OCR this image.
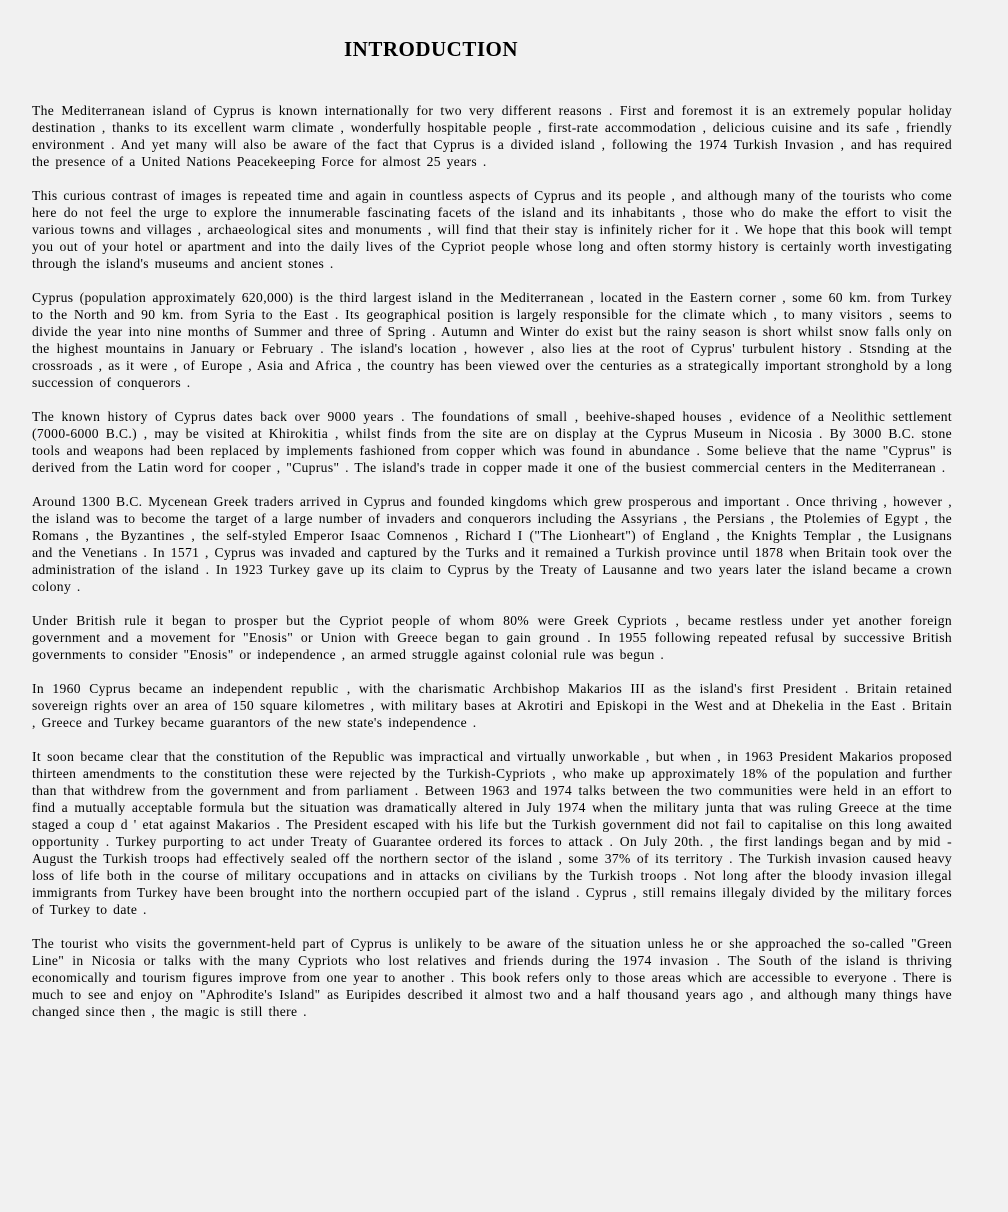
INTRODUCTION

The Mediterranean island of Cyprus is known internationally for two very different reasons . First and foremost it is an extremely popular holiday destination , thanks to its excellent warm climate , wonderfully hospitable people , first-rate accommodation , delicious cuisine and its safe , friendly environment . And yet many will also be aware of the fact that Cyprus is a divided island , following the 1974 Turkish Invasion , and has required the presence of a United Nations Peacekeeping Force for almost 25 years .

This curious contrast of images is repeated time and again in countless aspects of Cyprus and its people , and although many of the tourists who come here do not feel the urge to explore the innumerable fascinating facets of the island and its inhabitants , those who do make the effort to visit the various towns and villages , archaeological sites and monuments , will find that their stay is infinitely richer for it . We hope that this book will tempt you out of your hotel or apartment and into the daily lives of the Cypriot people whose long and often stormy history is certainly worth investigating through the island's museums and ancient stones .

Cyprus (population approximately 620,000) is the third largest island in the Mediterranean , located in the Eastern corner , some 60 km. from Turkey to the North and 90 km. from Syria to the East . Its geographical position is largely responsible for the climate which , to many visitors , seems to divide the year into nine months of Summer and three of Spring . Autumn and Winter do exist but the rainy season is short whilst snow falls only on the highest mountains in January or February . The island's location , however , also lies at the root of Cyprus' turbulent history . Stsnding at the crossroads , as it were , of Europe , Asia and Africa , the country has been viewed over the centuries as a strategically important stronghold by a long succession of conquerors .

The known history of Cyprus dates back over 9000 years . The foundations of small , beehive-shaped houses , evidence of a Neolithic settlement (7000-6000 B.C.) , may be visited at Khirokitia , whilst finds from the site are on display at the Cyprus Museum in Nicosia . By 3000 B.C. stone tools and weapons had been replaced by implements fashioned from copper which was found in abundance . Some believe that the name "Cyprus" is derived from the Latin word for cooper , "Cuprus" . The island's trade in copper made it one of the busiest commercial centers in the Mediterranean .

Around 1300 B.C. Mycenean Greek traders arrived in Cyprus and founded kingdoms which grew prosperous and important . Once thriving , however , the island was to become the target of a large number of invaders and conquerors including the Assyrians , the Persians , the Ptolemies of Egypt , the Romans , the Byzantines , the self-styled Emperor Isaac Comnenos , Richard I ("The Lionheart") of England , the Knights Templar , the Lusignans and the Venetians . In 1571 , Cyprus was invaded and captured by the Turks and it remained a Turkish province until 1878 when Britain took over the administration of the island . In 1923 Turkey gave up its claim to Cyprus by the Treaty of Lausanne and two years later the island became a crown colony .

Under British rule it began to prosper but the Cypriot people of whom 80% were Greek Cypriots , became restless under yet another foreign government and a movement for "Enosis" or Union with Greece began to gain ground . In 1955 following repeated refusal by successive British governments to consider "Enosis" or independence , an armed struggle against colonial rule was begun .

In 1960 Cyprus became an independent republic , with the charismatic Archbishop Makarios III as the island's first President . Britain retained sovereign rights over an area of 150 square kilometres , with military bases at Akrotiri and Episkopi in the West and at Dhekelia in the East . Britain , Greece and Turkey became guarantors of the new state's independence .

It soon became clear that the constitution of the Republic was impractical and virtually unworkable , but when , in 1963 President Makarios proposed thirteen amendments to the constitution these were rejected by the Turkish-Cypriots , who make up approximately 18% of the population and further than that withdrew from the government and from parliament . Between 1963 and 1974 talks between the two communities were held in an effort to find a mutually acceptable formula but the situation was dramatically altered in July 1974 when the military junta that was ruling Greece at the time staged a coup d ' etat against Makarios . The President escaped with his life but the Turkish government did not fail to capitalise on this long awaited opportunity . Turkey purporting to act under Treaty of Guarantee ordered its forces to attack . On July 20th. , the first landings began and by mid - August the Turkish troops had effectively sealed off the northern sector of the island , some 37% of its territory . The Turkish invasion caused heavy loss of life both in the course of military occupations and in attacks on civilians by the Turkish troops . Not long after the bloody invasion illegal immigrants from Turkey have been brought into the northern occupied part of the island . Cyprus , still remains illegaly divided by the military forces of Turkey to date .

The tourist who visits the government-held part of Cyprus is unlikely to be aware of the situation unless he or she approached the so-called "Green Line" in Nicosia or talks with the many Cypriots who lost relatives and friends during the 1974 invasion . The South of the island is thriving economically and tourism figures improve from one year to another . This book refers only to those areas which are accessible to everyone . There is much to see and enjoy on "Aphrodite's Island" as Euripides described it almost two and a half thousand years ago , and although many things have changed since then , the magic is still there .
